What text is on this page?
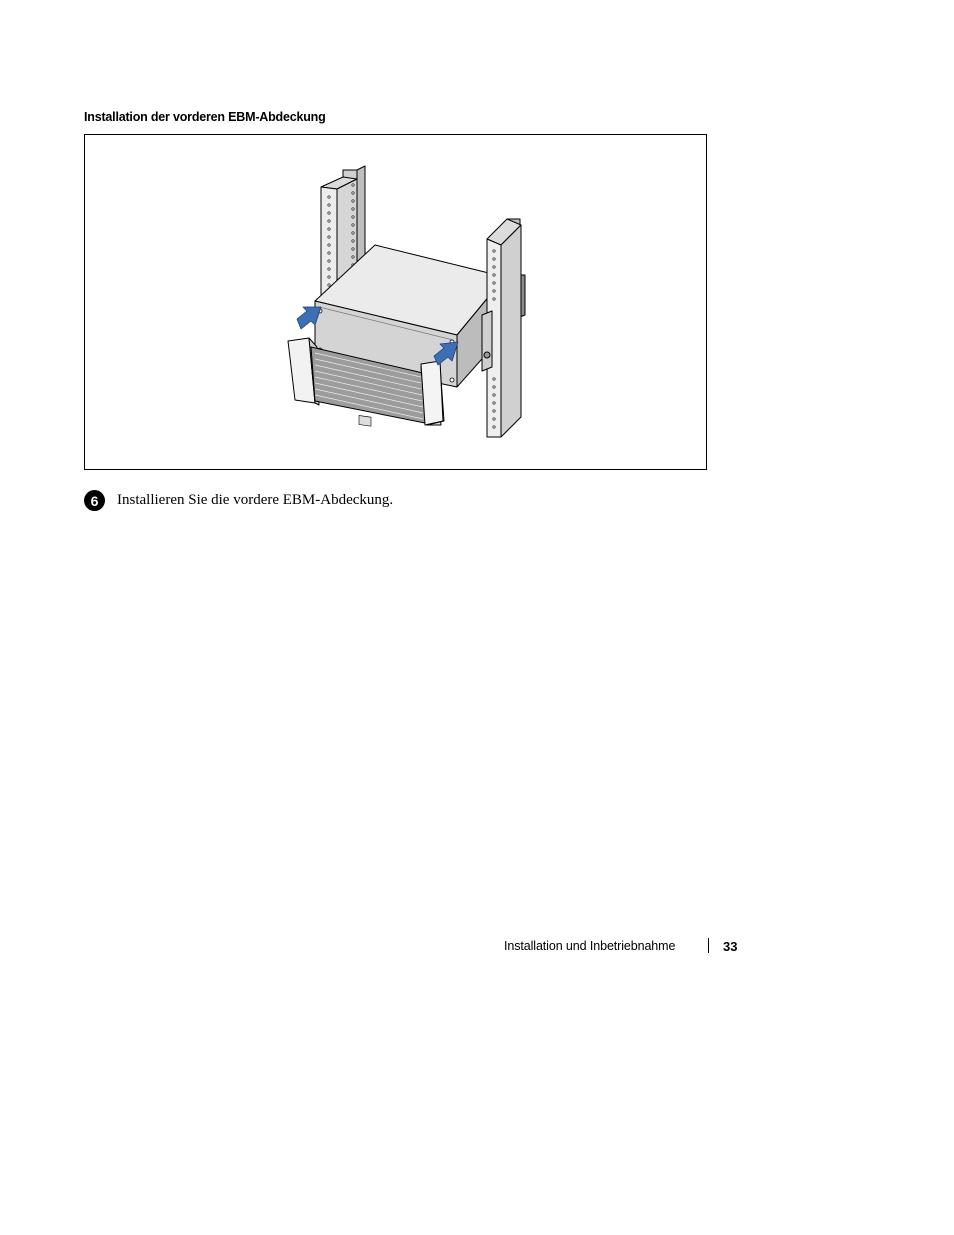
Installation der vorderen EBM-Abdeckung
6	Installieren Sie die vordere EBM-Abdeckung.
Installation und Inbetriebnahme	33
